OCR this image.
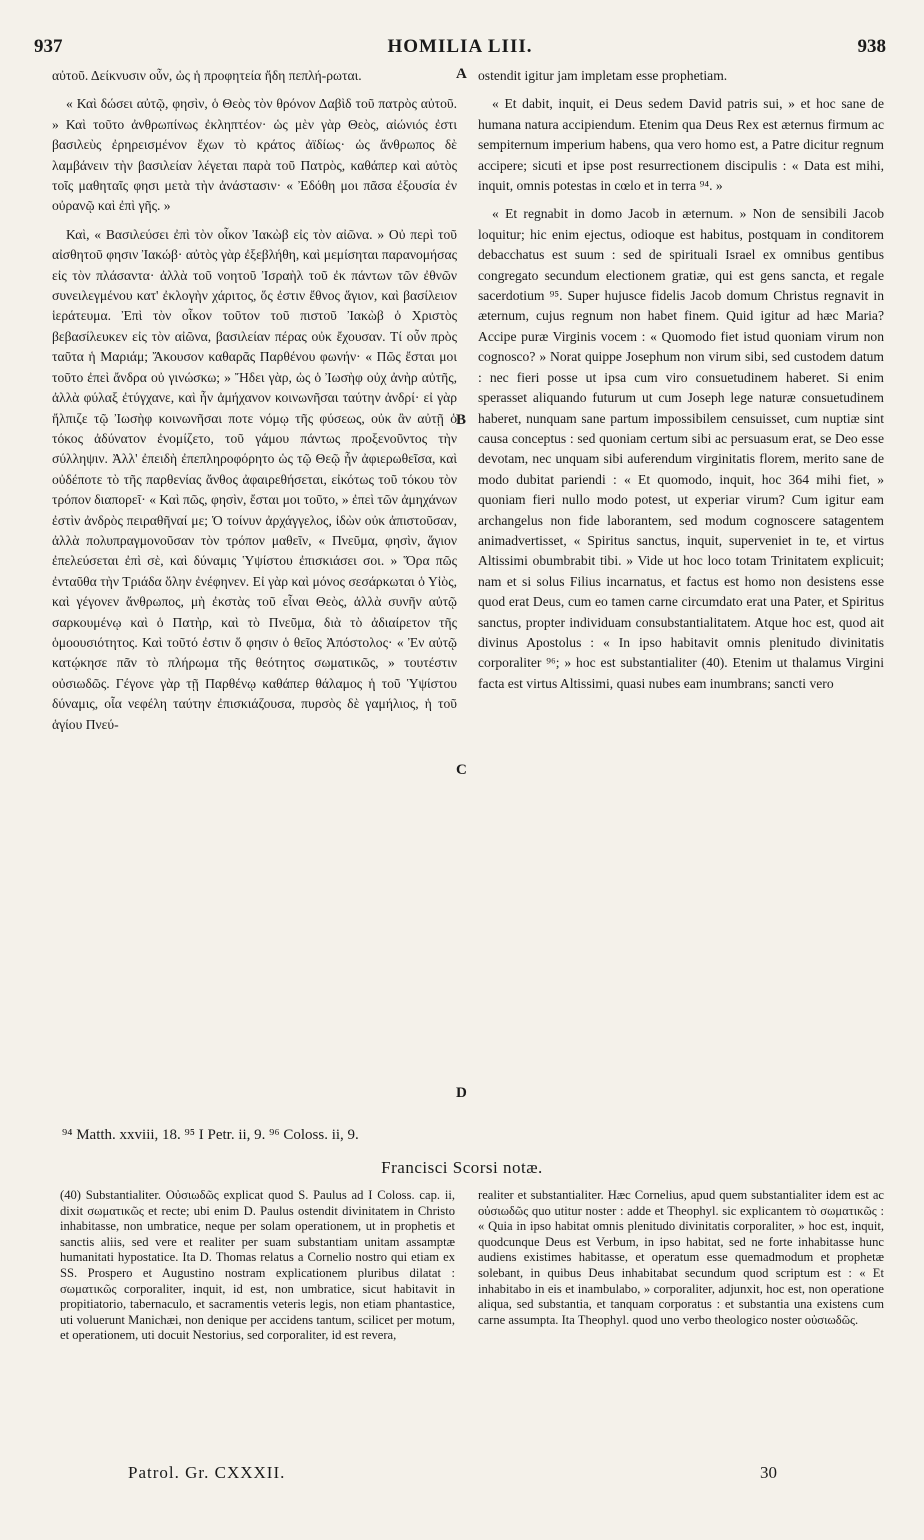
937	HOMILIA LIII.	938

αὐτοῦ. Δείκνυσιν οὖν, ὡς ἡ προφητεία ἤδη πεπλή-ρωται.

« Καὶ δώσει αὐτῷ, φησὶν, ὁ Θεὸς τὸν θρόνον Δαβὶδ τοῦ πατρὸς αὐτοῦ. » Καὶ τοῦτο ἀνθρωπίνως ἐκληπτέον· ὡς μὲν γὰρ Θεὸς, αἰώνιός ἐστι βασιλεὺς ἐρηρεισμένον ἔχων τὸ κράτος ἀϊδίως· ὡς ἄνθρωπος δὲ λαμβάνειν τὴν βασιλείαν λέγεται παρὰ τοῦ Πατρὸς, καθάπερ καὶ αὐτὸς τοῖς μαθηταῖς φησι μετὰ τὴν ἀνάστασιν· « Ἐδόθη μοι πᾶσα ἐξουσία ἐν οὐρανῷ καὶ ἐπὶ γῆς. »

Καὶ, « Βασιλεύσει ἐπὶ τὸν οἶκον Ἰακὼβ εἰς τὸν αἰῶνα. » Οὐ περὶ τοῦ αἰσθητοῦ φησιν Ἰακώβ· αὐτὸς γὰρ ἐξεβλήθη, καὶ μεμίσηται παρανομήσας εἰς τὸν πλάσαντα· ἀλλὰ τοῦ νοητοῦ Ἰσραὴλ τοῦ ἐκ πάντων τῶν ἐθνῶν συνειλεγμένου κατ' ἐκλογὴν χάριτος, ὅς ἐστιν ἔθνος ἅγιον, καὶ βασίλειον ἱεράτευμα. Ἐπὶ τὸν οἶκον τοῦτον τοῦ πιστοῦ Ἰακὼβ ὁ Χριστὸς βεβασίλευκεν εἰς τὸν αἰῶνα, βασιλείαν πέρας οὐκ ἔχουσαν. Τί οὖν πρὸς ταῦτα ἡ Μαριάμ; Ἄκουσον καθαρᾶς Παρθένου φωνήν· « Πῶς ἔσται μοι τοῦτο ἐπεὶ ἄνδρα οὐ γινώσκω; » Ἤδει γὰρ, ὡς ὁ Ἰωσὴφ οὐχ ἀνὴρ αὐτῆς, ἀλλὰ φύλαξ ἐτύγχανε, καὶ ἦν ἀμήχανον κοινωνῆσαι ταύτην ἀνδρί· εἰ γὰρ ἤλπιζε τῷ Ἰωσὴφ κοινωνῆσαι ποτε νόμῳ τῆς φύσεως, οὐκ ἂν αὐτῇ ὁ τόκος ἀδύνατον ἐνομίζετο, τοῦ γάμου πάντως προξενοῦντος τὴν σύλληψιν. Ἀλλ' ἐπειδὴ ἐπεπληροφόρητο ὡς τῷ Θεῷ ἦν ἀφιερωθεῖσα, καὶ οὐδέποτε τὸ τῆς παρθενίας ἄνθος ἀφαιρεθήσεται, εἰκότως τοῦ τόκου τὸν τρόπον διαπορεῖ· « Καὶ πῶς, φησὶν, ἔσται μοι τοῦτο, » ἐπεὶ τῶν ἀμηχάνων ἐστὶν ἀνδρὸς πειραθῆναί με; Ὁ τοίνυν ἀρχάγγελος, ἰδὼν οὐκ ἀπιστοῦσαν, ἀλλὰ πολυπραγμονοῦσαν τὸν τρόπον μαθεῖν, « Πνεῦμα, φησὶν, ἅγιον ἐπελεύσεται ἐπὶ σὲ, καὶ δύναμις Ὑψίστου ἐπισκιάσει σοι. » Ὅρα πῶς ἐνταῦθα τὴν Τριάδα ὅλην ἐνέφηνεν. Εἰ γὰρ καὶ μόνος σεσάρκωται ὁ Υἱὸς, καὶ γέγονεν ἄνθρωπος, μὴ ἐκστὰς τοῦ εἶναι Θεὸς, ἀλλὰ συνῆν αὐτῷ σαρκουμένῳ καὶ ὁ Πατὴρ, καὶ τὸ Πνεῦμα, διὰ τὸ ἀδιαίρετον τῆς ὁμοουσιότητος. Καὶ τοῦτό ἐστιν ὅ φησιν ὁ θεῖος Ἀπόστολος· « Ἐν αὐτῷ κατῴκησε πᾶν τὸ πλήρωμα τῆς θεότητος σωματικῶς, » τουτέστιν οὐσιωδῶς. Γέγονε γὰρ τῇ Παρθένῳ καθάπερ θάλαμος ἡ τοῦ Ὑψίστου δύναμις, οἷα νεφέλη ταύτην ἐπισκιάζουσα, πυρσὸς δὲ γαμήλιος, ἡ τοῦ ἁγίου Πνεύ-

A
B
C
D

ostendit igitur jam impletam esse prophetiam.

« Et dabit, inquit, ei Deus sedem David patris sui, » et hoc sane de humana natura accipiendum. Etenim qua Deus Rex est æternus firmum ac sempiternum imperium habens, qua vero homo est, a Patre dicitur regnum accipere; sicuti et ipse post resurrectionem discipulis : « Data est mihi, inquit, omnis potestas in cœlo et in terra ⁹⁴. »

« Et regnabit in domo Jacob in æternum. » Non de sensibili Jacob loquitur; hic enim ejectus, odioque est habitus, postquam in conditorem debacchatus est suum : sed de spirituali Israel ex omnibus gentibus congregato secundum electionem gratiæ, qui est gens sancta, et regale sacerdotium ⁹⁵. Super hujusce fidelis Jacob domum Christus regnavit in æternum, cujus regnum non habet finem. Quid igitur ad hæc Maria? Accipe puræ Virginis vocem : « Quomodo fiet istud quoniam virum non cognosco? » Norat quippe Josephum non virum sibi, sed custodem datum : nec fieri posse ut ipsa cum viro consuetudinem haberet. Si enim sperasset aliquando futurum ut cum Joseph lege naturæ consuetudinem haberet, nunquam sane partum impossibilem censuisset, cum nuptiæ sint causa conceptus : sed quoniam certum sibi ac persuasum erat, se Deo esse devotam, nec unquam sibi auferendum virginitatis florem, merito sane de modo dubitat pariendi : « Et quomodo, inquit, hoc 364 mihi fiet, » quoniam fieri nullo modo potest, ut experiar virum? Cum igitur eam archangelus non fide laborantem, sed modum cognoscere satagentem animadvertisset, « Spiritus sanctus, inquit, superveniet in te, et virtus Altissimi obumbrabit tibi. » Vide ut hoc loco totam Trinitatem explicuit; nam et si solus Filius incarnatus, et factus est homo non desistens esse quod erat Deus, cum eo tamen carne circumdato erat una Pater, et Spiritus sanctus, propter individuam consubstantialitatem. Atque hoc est, quod ait divinus Apostolus : « In ipso habitavit omnis plenitudo divinitatis corporaliter ⁹⁶; » hoc est substantialiter (40). Etenim ut thalamus Virgini facta est virtus Altissimi, quasi nubes eam inumbrans; sancti vero

⁹⁴ Matth. xxviii, 18. ⁹⁵ I Petr. ii, 9. ⁹⁶ Coloss. ii, 9.
Francisci Scorsi notæ.
(40) Substantialiter. Οὐσιωδῶς explicat quod S. Paulus ad I Coloss. cap. ii, dixit σωματικῶς et recte; ubi enim D. Paulus ostendit divinitatem in Christo inhabitasse, non umbratice, neque per solam operationem, ut in prophetis et sanctis aliis, sed vere et realiter per suam substantiam unitam assamptæ humanitati hypostatice. Ita D. Thomas relatus a Cornelio nostro qui etiam ex SS. Prospero et Augustino nostram explicationem pluribus dilatat : σωματικῶς corporaliter, inquit, id est, non umbratice, sicut habitavit in propitiatorio, tabernaculo, et sacramentis veteris legis, non etiam phantastice, uti voluerunt Manichæi, non denique per accidens tantum, scilicet per motum, et operationem, uti docuit Nestorius, sed corporaliter, id est revera,
realiter et substantialiter. Hæc Cornelius, apud quem substantialiter idem est ac οὐσιωδῶς quo utitur noster : adde et Theophyl. sic explicantem τὸ σωματικῶς : « Quia in ipso habitat omnis plenitudo divinitatis corporaliter, » hoc est, inquit, quodcunque Deus est Verbum, in ipso habitat, sed ne forte inhabitasse hunc audiens existimes habitasse, et operatum esse quemadmodum et prophetæ solebant, in quibus Deus inhabitabat secundum quod scriptum est : « Et inhabitabo in eis et inambulabo, » corporaliter, adjunxit, hoc est, non operatione aliqua, sed substantia, et tanquam corporatus : et substantia una existens cum carne assumpta. Ita Theophyl. quod uno verbo theologico noster οὐσιωδῶς.
Patrol. Gr. CXXXII.	30
